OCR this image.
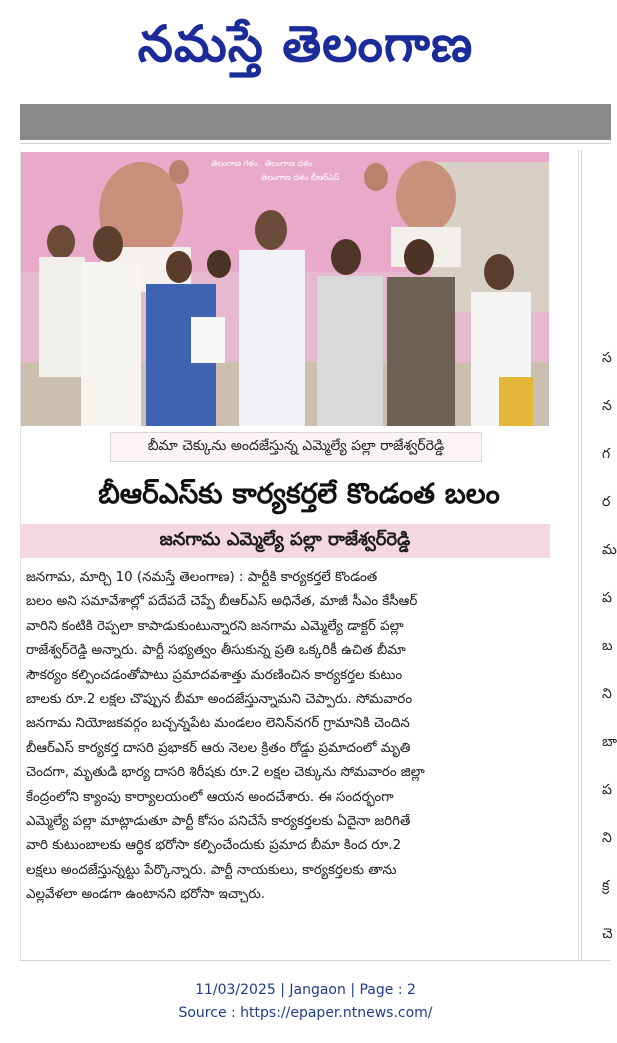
నమస్తే తెలంగాణ
తెలంగాణ గళం.. తెలంగాణ దళం
తెలంగాణ దళం బీఆర్ఎస్
బీమా చెక్కును అందజేస్తున్న ఎమ్మెల్యే పల్లా రాజేశ్వర్‌రెడ్డి
బీఆర్ఎస్‌కు కార్యకర్తలే కొండంత బలం
జనగామ ఎమ్మెల్యే పల్లా రాజేశ్వర్‌రెడ్డి
జనగామ, మార్చి 10 (నమస్తే తెలంగాణ) : పార్టీకి కార్యకర్తలే కొండంత
బలం అని సమావేశాల్లో పదేపదే చెప్పే బీఆర్ఎస్ అధినేత, మాజీ సీఎం కేసీఆర్
వారిని కంటికి రెప్పలా కాపాడుకుంటున్నారని జనగామ ఎమ్మెల్యే డాక్టర్ పల్లా
రాజేశ్వర్‌రెడ్డి అన్నారు. పార్టీ సభ్యత్వం తీసుకున్న ప్రతి ఒక్కరికీ ఉచిత బీమా
సౌకర్యం కల్పించడంతోపాటు ప్రమాదవశాత్తు మరణించిన కార్యకర్తల కుటుం
బాలకు రూ.2 లక్షల చొప్పున బీమా అందజేస్తున్నామని చెప్పారు. సోమవారం
జనగామ నియోజకవర్గం బచ్చన్నపేట మండలం లెనిన్‌నగర్ గ్రామానికి చెందిన
బీఆర్ఎస్ కార్యకర్త దాసరి ప్రభాకర్ ఆరు నెలల క్రితం రోడ్డు ప్రమాదంలో మృతి
చెందగా, మృతుడి భార్య దాసరి శిరీషకు రూ.2 లక్షల చెక్కును సోమవారం జిల్లా
కేంద్రంలోని క్యాంపు కార్యాలయంలో ఆయన అందచేశారు. ఈ సందర్భంగా
ఎమ్మెల్యే పల్లా మాట్లాడుతూ పార్టీ కోసం పనిచేసే కార్యకర్తలకు ఏదైనా జరిగితే
వారి కుటుంబాలకు ఆర్థిక భరోసా కల్పించేందుకు ప్రమాద బీమా కింద రూ.2
లక్షలు అందజేస్తున్నట్టు పేర్కొన్నారు. పార్టీ నాయకులు, కార్యకర్తలకు తాను
ఎల్లవేళలా అండగా ఉంటానని భరోసా ఇచ్చారు.
స
న
గ
ర
మ
ప
బ
ని
బా
ప
ని
క్ర
చె
11/03/2025 | Jangaon | Page : 2
Source : https://epaper.ntnews.com/
